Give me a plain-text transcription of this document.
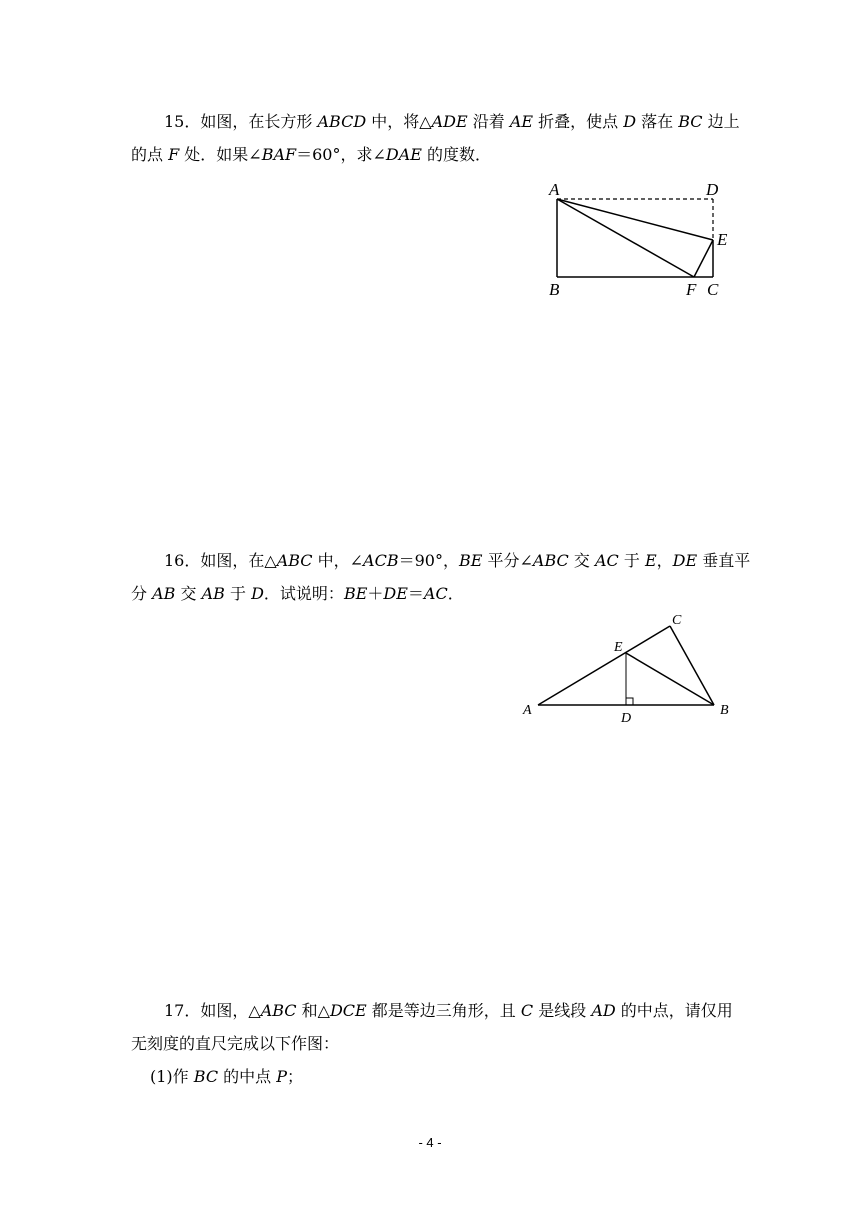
15．如图，在长方形 ABCD 中，将△ADE 沿着 AE 折叠，使点 D 落在 BC 边上
的点 F 处．如果∠BAF＝60°，求∠DAE 的度数．
A	D
E
B	F C
16．如图，在△ABC 中，∠ACB＝90°，BE 平分∠ABC 交 AC 于 E，DE 垂直平
分 AB 交 AB 于 D．试说明：BE＋DE＝AC．
C
E
A
D
B
17．如图，△ABC 和△DCE 都是等边三角形，且 C 是线段 AD 的中点，请仅用
无刻度的直尺完成以下作图：
(1)作 BC 的中点 P；
- 4 -
